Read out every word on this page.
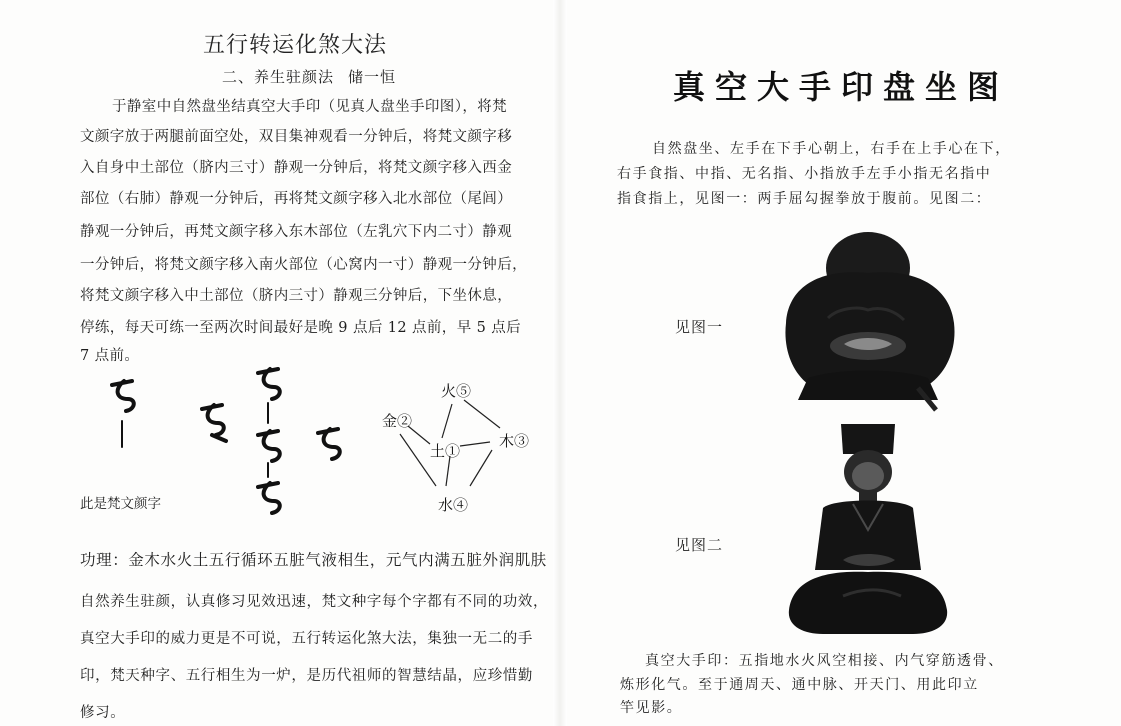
五行转运化煞大法
二、养生驻颜法 储一恒
于静室中自然盘坐结真空大手印（见真人盘坐手印图），将梵
文颜字放于两腿前面空处，双目集神观看一分钟后，将梵文颜字移
入自身中土部位（脐内三寸）静观一分钟后，将梵文颜字移入西金
部位（右肺）静观一分钟后，再将梵文颜字移入北水部位（尾闾）
静观一分钟后，再梵文颜字移入东木部位（左乳穴下内二寸）静观
一分钟后，将梵文颜字移入南火部位（心窝内一寸）静观一分钟后，
将梵文颜字移入中土部位（脐内三寸）静观三分钟后，下坐休息，
停练，每天可练一至两次时间最好是晚 9 点后 12 点前，早 5 点后
7 点前。
此是梵文颜字
火⑤
金②
土①
木③
水④
功理：金木水火土五行循环五脏气液相生，元气内满五脏外润肌肤
自然养生驻颜，认真修习见效迅速，梵文种字每个字都有不同的功效，
真空大手印的威力更是不可说，五行转运化煞大法，集独一无二的手
印，梵天种字、五行相生为一炉，是历代祖师的智慧结晶，应珍惜勤
修习。
真空大手印盘坐图
自然盘坐、左手在下手心朝上，右手在上手心在下，
右手食指、中指、无名指、小指放手左手小指无名指中
指食指上，见图一：两手屈勾握拳放于腹前。见图二：
见图一
见图二
真空大手印：五指地水火风空相接、内气穿筋透骨、
炼形化气。至于通周天、通中脉、开天门、用此印立
竿见影。
